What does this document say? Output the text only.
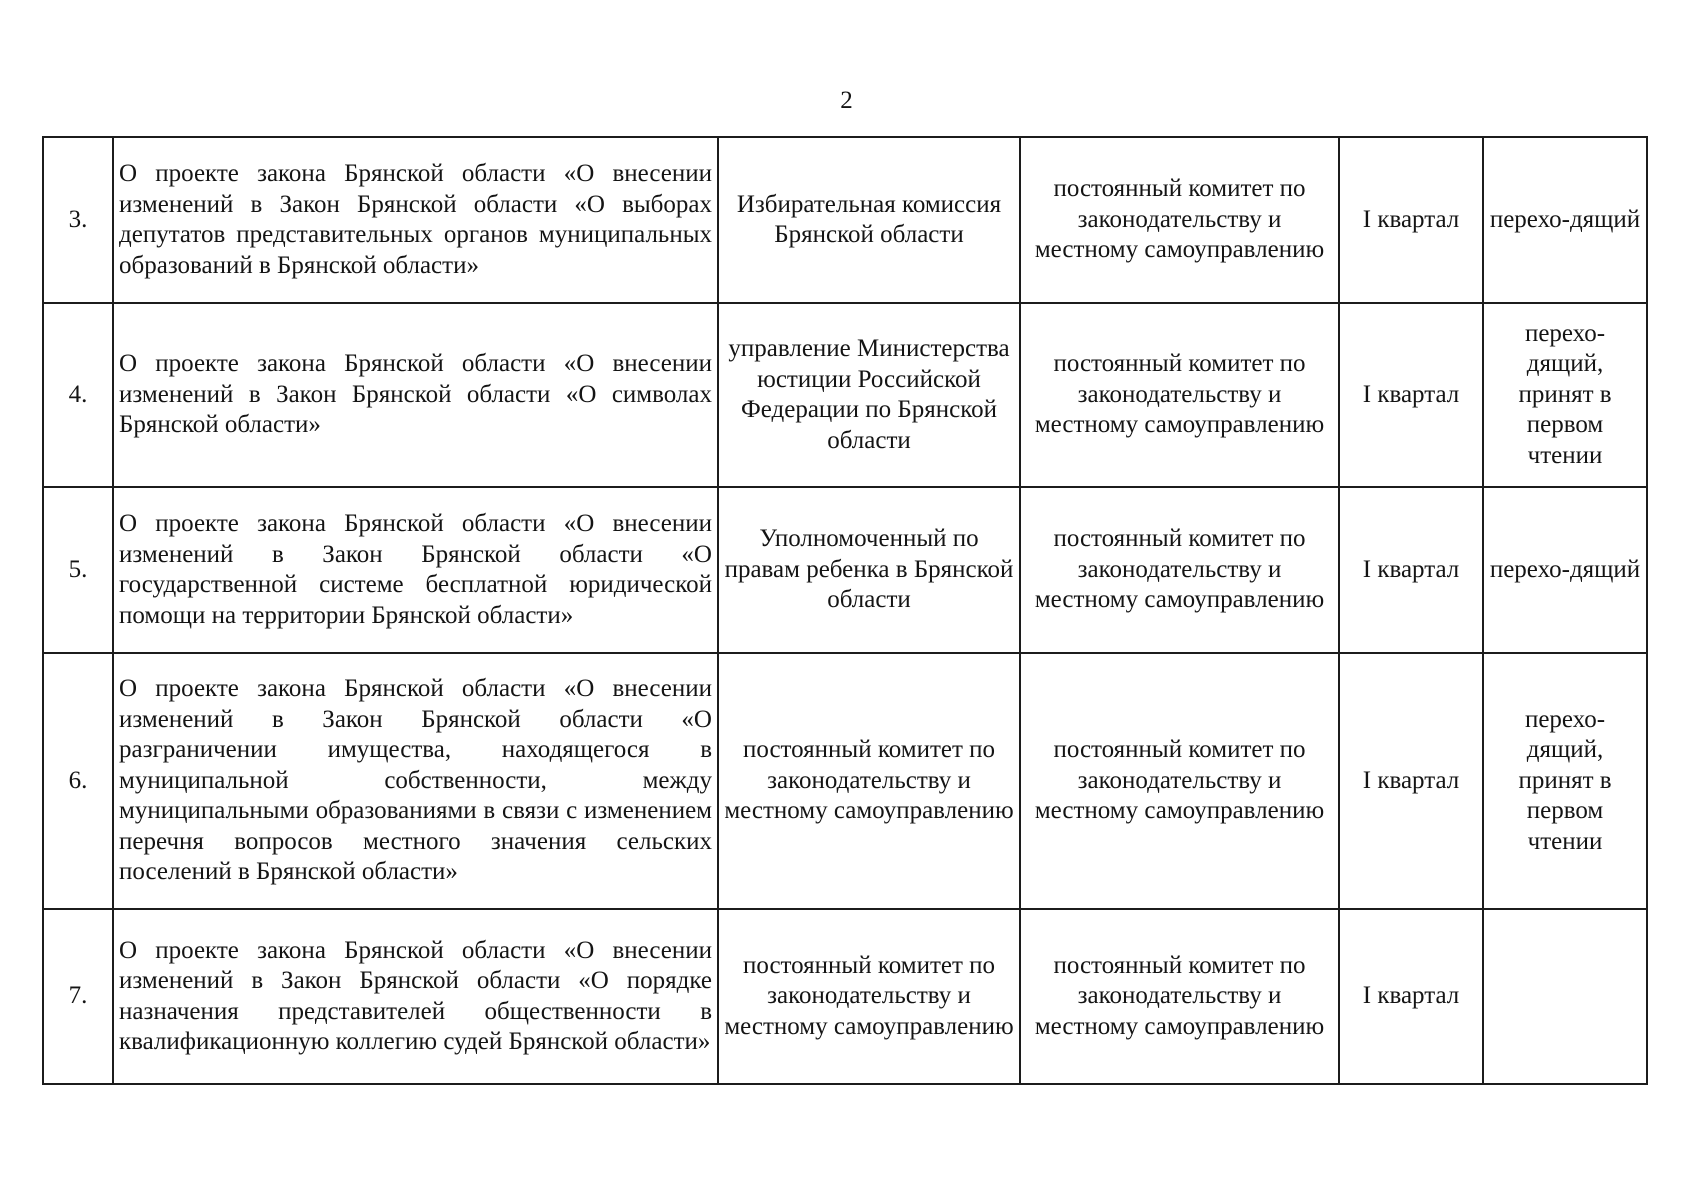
2
3.	О проекте закона Брянской области «О внесении изменений в Закон Брянской области «О выборах депутатов представительных органов муниципальных образований в Брянской области»	Избирательная комиссия Брянской области	постоянный комитет по законодательству и местному самоуправлению	I квартал	перехо-дящий
4.	О проекте закона Брянской области «О внесении изменений в Закон Брянской области «О символах Брянской области»	управление Министерства юстиции Российской Федерации по Брянской области	постоянный комитет по законодательству и местному самоуправлению	I квартал	перехо-дящий, принят в первом чтении
5.	О проекте закона Брянской области «О внесении изменений в Закон Брянской области «О государственной системе бесплатной юридической помощи на территории Брянской области»	Уполномоченный по правам ребенка в Брянской области	постоянный комитет по законодательству и местному самоуправлению	I квартал	перехо-дящий
6.	О проекте закона Брянской области «О внесении изменений в Закон Брянской области «О разграничении имущества, находящегося в муниципальной собственности, между муниципальными образованиями в связи с изменением перечня вопросов местного значения сельских поселений в Брянской области»	постоянный комитет по законодательству и местному самоуправлению	постоянный комитет по законодательству и местному самоуправлению	I квартал	перехо-дящий, принят в первом чтении
7.	О проекте закона Брянской области «О внесении изменений в Закон Брянской области «О порядке назначения представителей общественности в квалификационную коллегию судей Брянской области»	постоянный комитет по законодательству и местному самоуправлению	постоянный комитет по законодательству и местному самоуправлению	I квартал	
